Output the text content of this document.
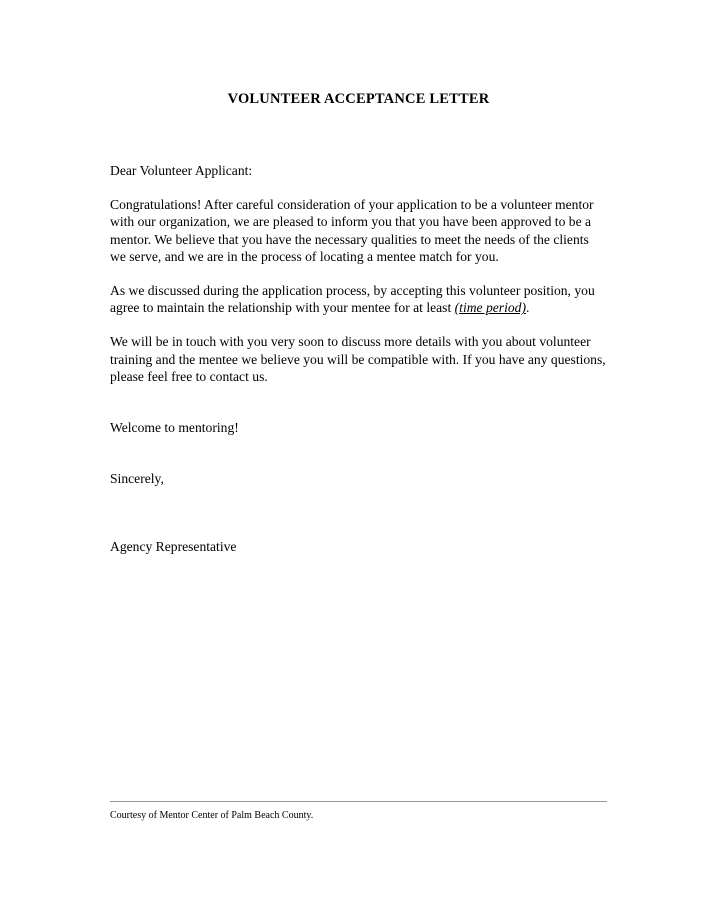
VOLUNTEER ACCEPTANCE LETTER

Dear Volunteer Applicant:

Congratulations! After careful consideration of your application to be a volunteer mentor with our organization, we are pleased to inform you that you have been approved to be a mentor. We believe that you have the necessary qualities to meet the needs of the clients we serve, and we are in the process of locating a mentee match for you.

As we discussed during the application process, by accepting this volunteer position, you agree to maintain the relationship with your mentee for at least (time period).

We will be in touch with you very soon to discuss more details with you about volunteer training and the mentee we believe you will be compatible with. If you have any questions, please feel free to contact us.

Welcome to mentoring!

Sincerely,

Agency Representative

Courtesy of Mentor Center of Palm Beach County.
